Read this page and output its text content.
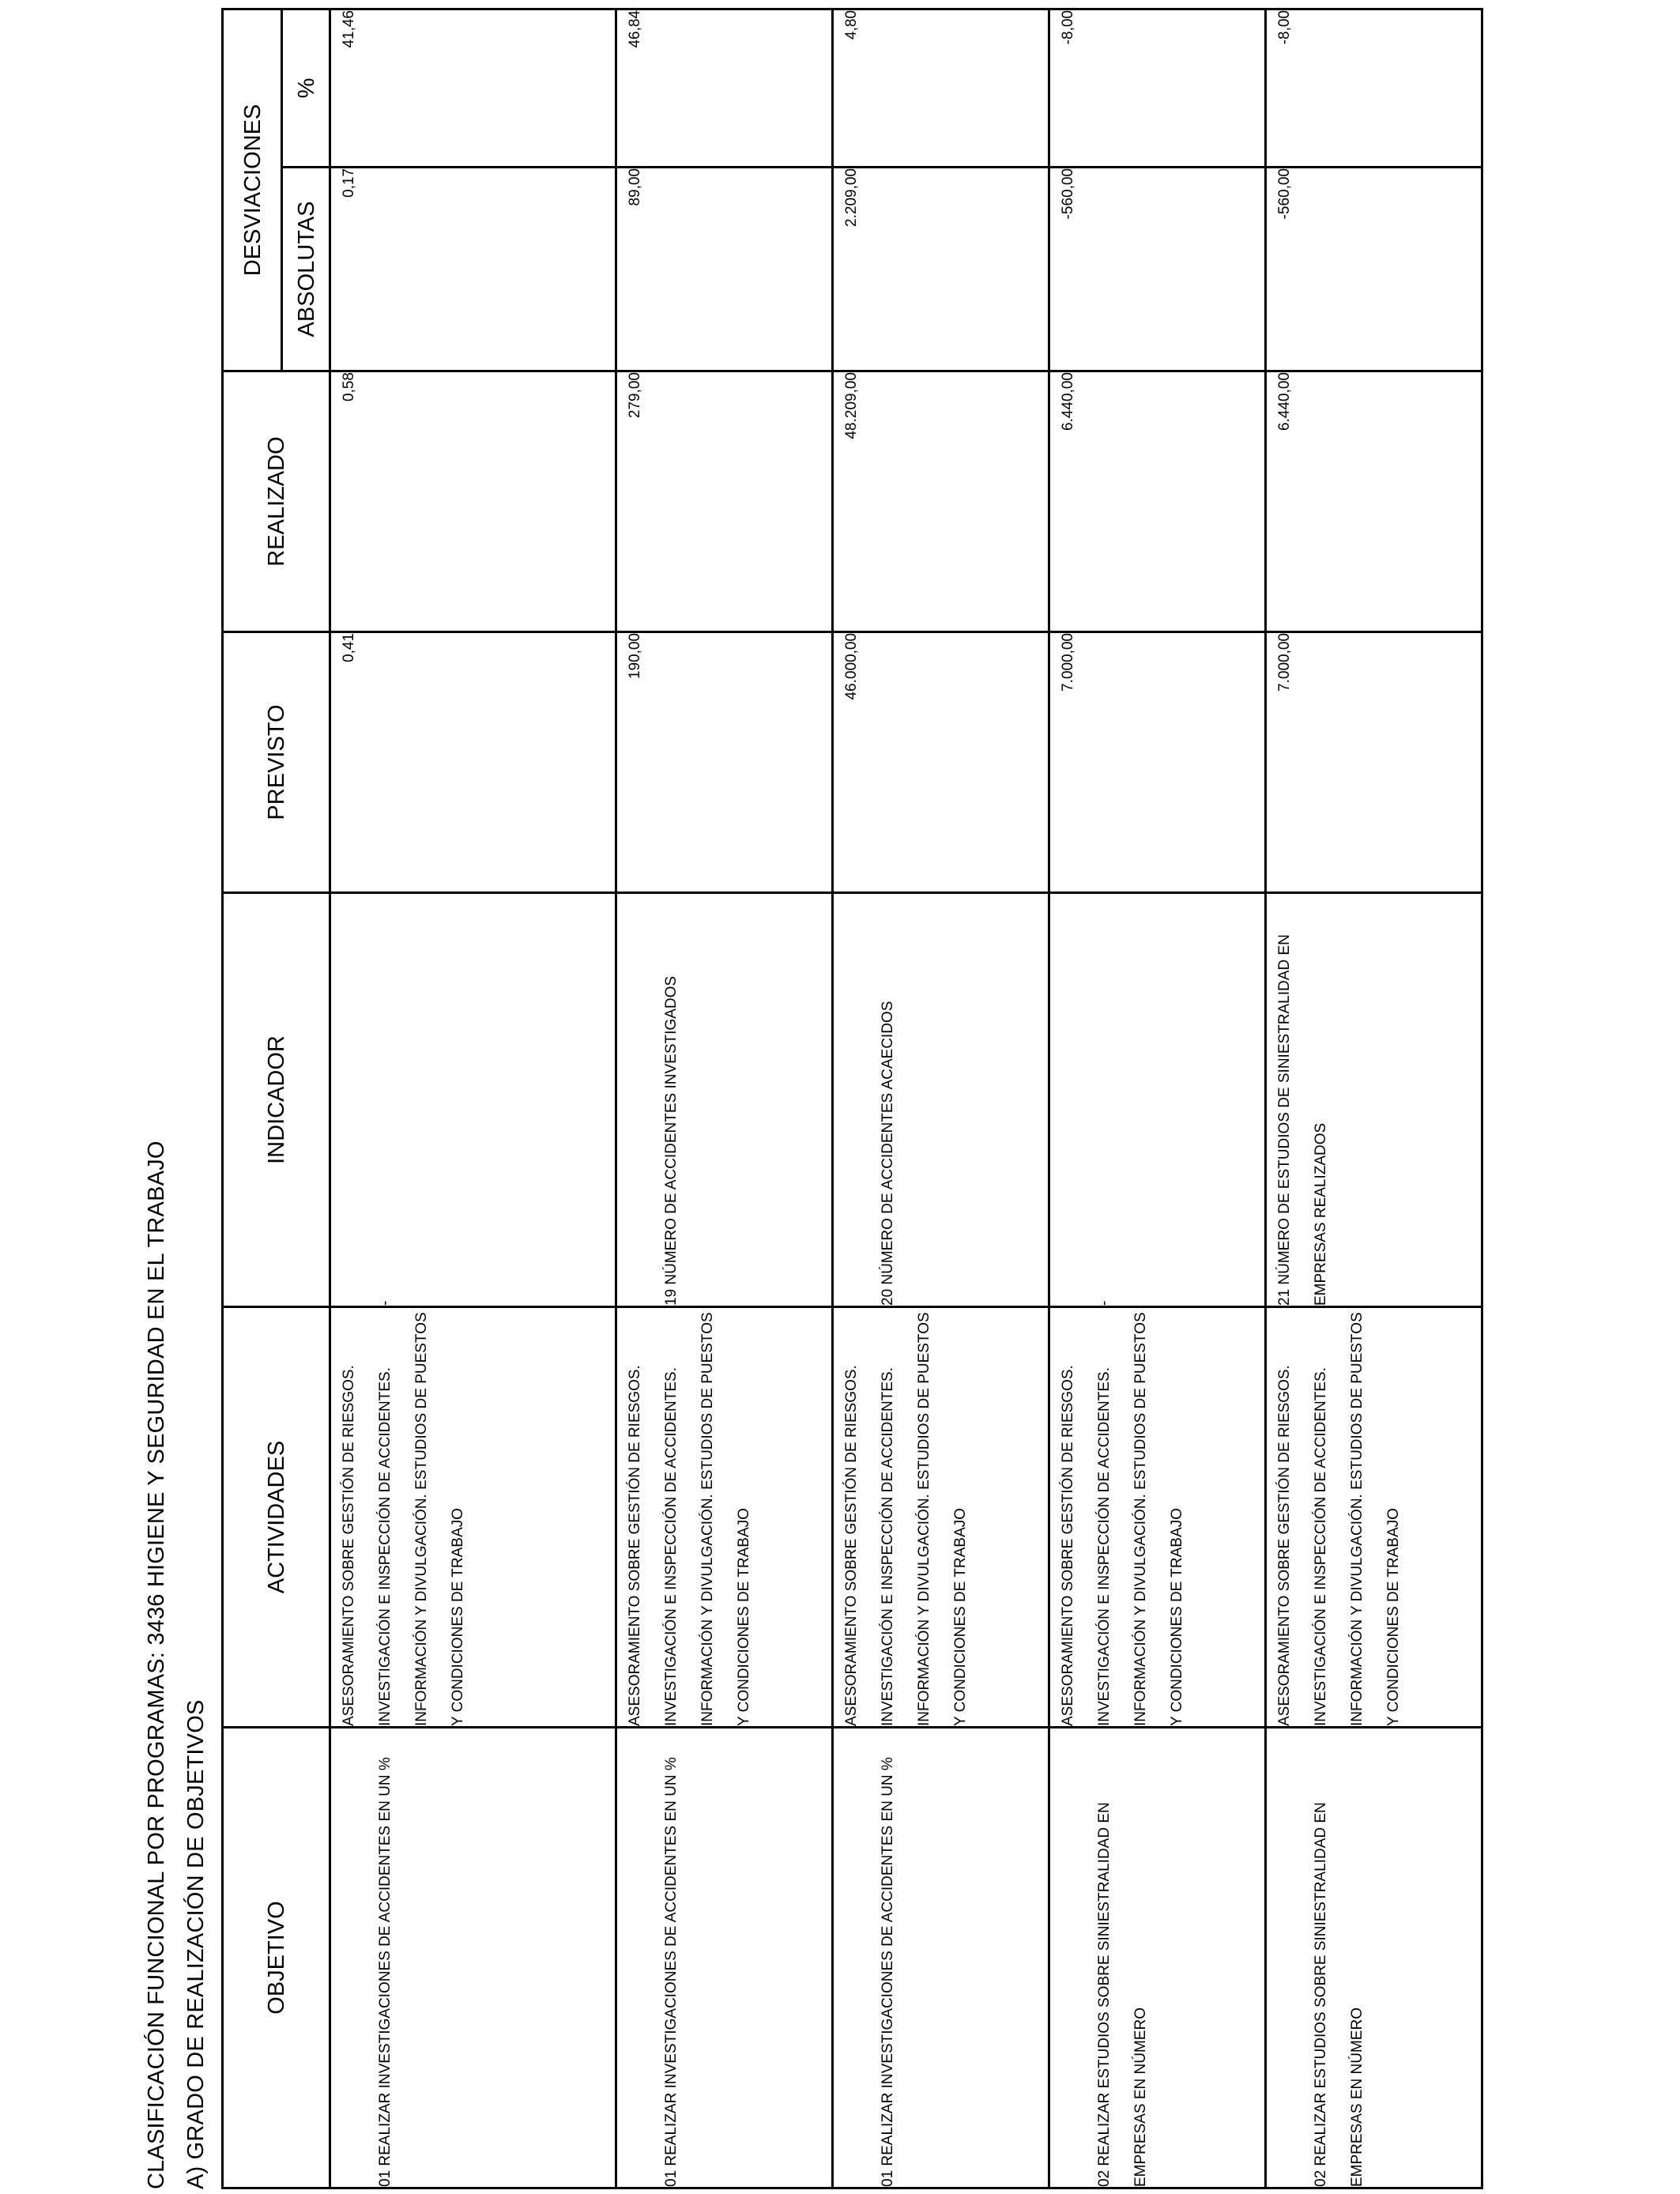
CLASIFICACIÓN FUNCIONAL POR PROGRAMAS: 3436 HIGIENE Y SEGURIDAD EN EL TRABAJO A) GRADO DE REALIZACIÓN DE OBJETIVOS OBJETIVO	ACTIVIDADES	INDICADOR	PREVISTO	REALIZADO	DESVIACIONES	
					ABSOLUTAS	%

01 REALIZAR INVESTIGACIONES DE ACCIDENTES EN UN %	ASESORAMIENTO SOBRE GESTIÓN DE RIESGOS. INVESTIGACIÓN E INSPECCIÓN DE ACCIDENTES. INFORMACIÓN Y DIVULGACIÓN. ESTUDIOS DE PUESTOS Y CONDICIONES DE TRABAJO	-	0,41	0,58	0,17	41,46

01 REALIZAR INVESTIGACIONES DE ACCIDENTES EN UN %	ASESORAMIENTO SOBRE GESTIÓN DE RIESGOS. INVESTIGACIÓN E INSPECCIÓN DE ACCIDENTES. INFORMACIÓN Y DIVULGACIÓN. ESTUDIOS DE PUESTOS Y CONDICIONES DE TRABAJO	19 NÚMERO DE ACCIDENTES INVESTIGADOS	190,00	279,00	89,00	46,84

01 REALIZAR INVESTIGACIONES DE ACCIDENTES EN UN %	ASESORAMIENTO SOBRE GESTIÓN DE RIESGOS. INVESTIGACIÓN E INSPECCIÓN DE ACCIDENTES. INFORMACIÓN Y DIVULGACIÓN. ESTUDIOS DE PUESTOS Y CONDICIONES DE TRABAJO	20 NÚMERO DE ACCIDENTES ACAECIDOS	46.000,00	48.209,00	2.209,00	4,80

02 REALIZAR ESTUDIOS SOBRE SINIESTRALIDAD EN EMPRESAS EN NÚMERO	ASESORAMIENTO SOBRE GESTIÓN DE RIESGOS. INVESTIGACIÓN E INSPECCIÓN DE ACCIDENTES. INFORMACIÓN Y DIVULGACIÓN. ESTUDIOS DE PUESTOS Y CONDICIONES DE TRABAJO	-	7.000,00	6.440,00	-560,00	-8,00

02 REALIZAR ESTUDIOS SOBRE SINIESTRALIDAD EN EMPRESAS EN NÚMERO	ASESORAMIENTO SOBRE GESTIÓN DE RIESGOS. INVESTIGACIÓN E INSPECCIÓN DE ACCIDENTES. INFORMACIÓN Y DIVULGACIÓN. ESTUDIOS DE PUESTOS Y CONDICIONES DE TRABAJO	21 NÚMERO DE ESTUDIOS DE SINIESTRALIDAD EN EMPRESAS REALIZADOS	7.000,00	6.440,00	-560,00	-8,00
